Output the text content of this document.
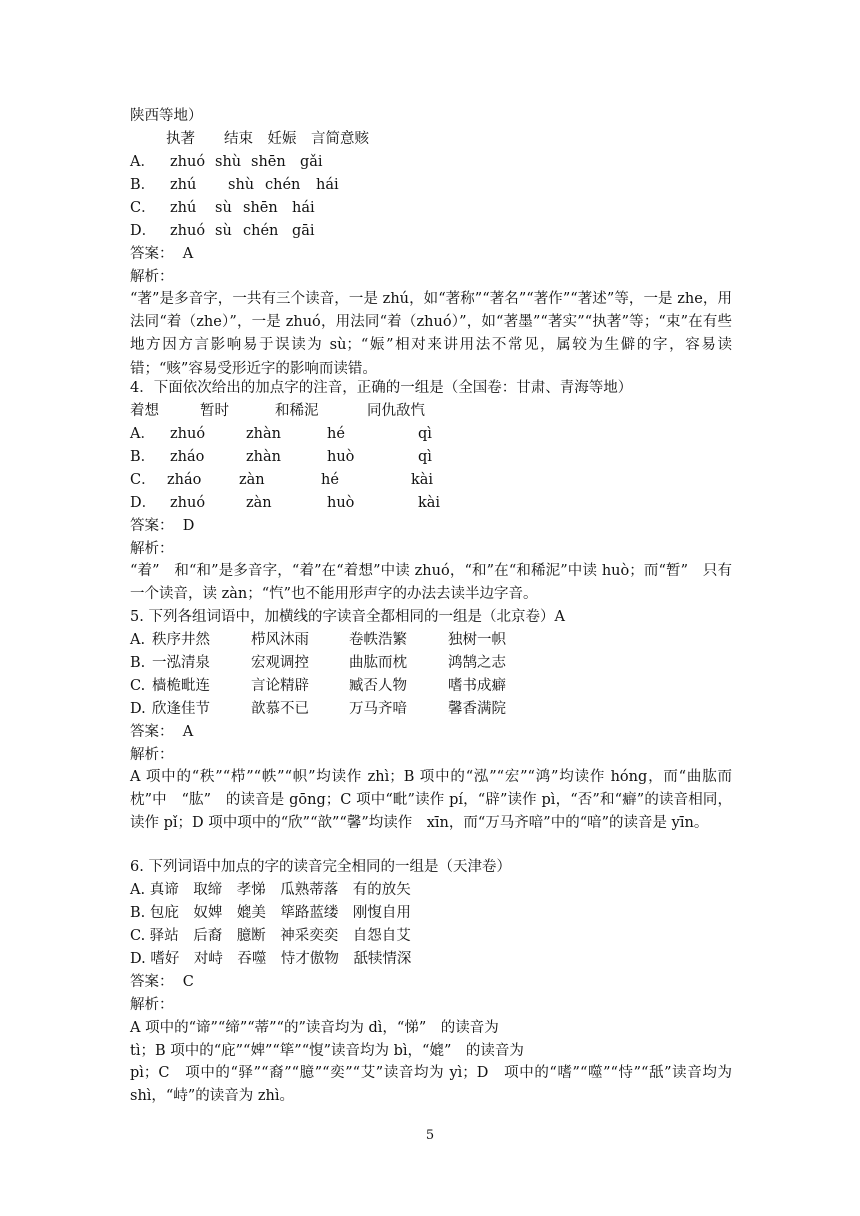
陕西等地）
执著　　结束　妊娠　言简意赅
A． zhuó shù shēn gǎi
B． zhú shù chén hái
C． zhú sù shēn hái
D． zhuó sù chén gāi
答案：  A
解析：
“著”是多音字，一共有三个读音，一是 zhú，如“著称”“著名”“著作”“著述”等，一是 zhe，用法同“着（zhe）”，一是 zhuó，用法同“着（zhuó）”，如“著墨”“著实”“执著”等；“束”在有些地方因方言影响易于误读为 sù；“娠”相对来讲用法不常见，属较为生僻的字，容易读错；“赅”容易受形近字的影响而读错。
4．下面依次给出的加点字的注音，正确的一组是（全国卷：甘肃、青海等地）
着想	暂时	和稀泥	同仇敌忾
A． zhuó	zhàn	hé	qì
B． zháo	zhàn	huò	qì
C． zháo	zàn	hé	kài
D． zhuó	zàn	huò	kài
答案：  D
解析：
“着”　和“和”是多音字，“着”在“着想”中读 zhuó，“和”在“和稀泥”中读 huò；而“暂”　只有一个读音，读 zàn；“忾”也不能用形声字的办法去读半边字音。
5. 下列各组词语中，加横线的字读音全都相同的一组是（北京卷）A
A. 秩序井然	栉风沐雨	卷帙浩繁	独树一帜
B. 一泓清泉	宏观调控	曲肱而枕	鸿鹄之志
C. 樯桅毗连	言论精辟	臧否人物	嗜书成癖
D. 欣逢佳节	歆慕不已	万马齐喑	馨香满院
答案：  A
解析：
A 项中的“秩”“栉”“帙”“帜”均读作 zhì；B 项中的“泓”“宏”“鸿”均读作 hóng，而“曲肱而枕”中　“肱”　的读音是 gōng；C 项中“毗”读作 pí，“辟”读作 pì，“否”和“癖”的读音相同，读作 pǐ；D 项中项中的“欣”“歆”“馨”均读作　xīn，而“万马齐喑”中的“喑”的读音是 yīn。
6. 下列词语中加点的字的读音完全相同的一组是（天津卷）
A. 真谛　取缔　孝悌　瓜熟蒂落　有的放矢
B. 包庇　奴婢　媲美　筚路蓝缕　刚愎自用
C. 驿站　后裔　臆断　神采奕奕　自怨自艾
D. 嗜好　对峙　吞噬　恃才傲物　舐犊情深
答案：  C
解析：
A 项中的“谛”“缔”“蒂”“的”读音均为 dì，“悌”　的读音为
tì；B 项中的“庇”“婢”“筚”“愎”读音均为 bì，“媲”　的读音为
pì；C　项中的“驿”“裔”“臆”“奕”“艾”读音均为 yì；D　项中的“嗜”“噬”“恃”“舐”读音均为 shì，“峙”的读音为 zhì。
5
